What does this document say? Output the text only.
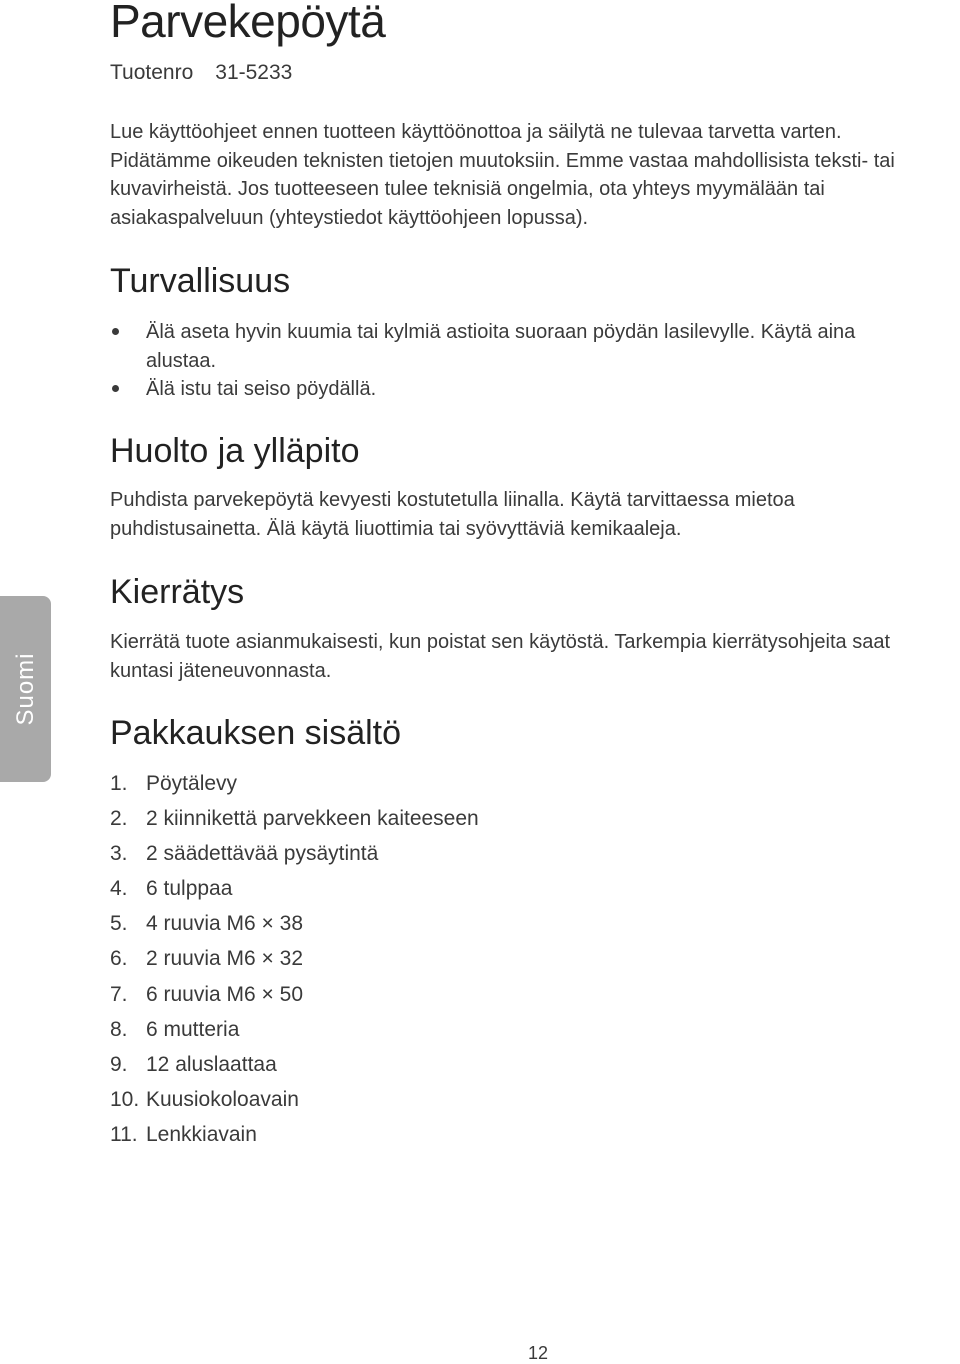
Suomi
Parvekepöytä
Tuotenro 31-5233

Lue käyttöohjeet ennen tuotteen käyttöönottoa ja säilytä ne tulevaa tarvetta varten. Pidätämme oikeuden teknisten tietojen muutoksiin. Emme vastaa mahdollisista teksti- tai kuvavirheistä. Jos tuotteeseen tulee teknisiä ongelmia, ota yhteys myymälään tai asiakaspalveluun (yhteystiedot käyttöohjeen lopussa).

Turvallisuus
Älä aseta hyvin kuumia tai kylmiä astioita suoraan pöydän lasilevylle. Käytä aina alustaa.
Älä istu tai seiso pöydällä.
Huolto ja ylläpito

Puhdista parvekepöytä kevyesti kostutetulla liinalla. Käytä tarvittaessa mietoa puhdistusainetta. Älä käytä liuottimia tai syövyttäviä kemikaaleja.

Kierrätys

Kierrätä tuote asianmukaisesti, kun poistat sen käytöstä. Tarkempia kierrätysohjeita saat kuntasi jäteneuvonnasta.

Pakkauksen sisältö
1. Pöytälevy
2. 2 kiinnikettä parvekkeen kaiteeseen
3. 2 säädettävää pysäytintä
4. 6 tulppaa
5. 4 ruuvia M6 × 38
6. 2 ruuvia M6 × 32
7. 6 ruuvia M6 × 50
8. 6 mutteria
9. 12 aluslaattaa
10. Kuusiokoloavain
11. Lenkkiavain
12
